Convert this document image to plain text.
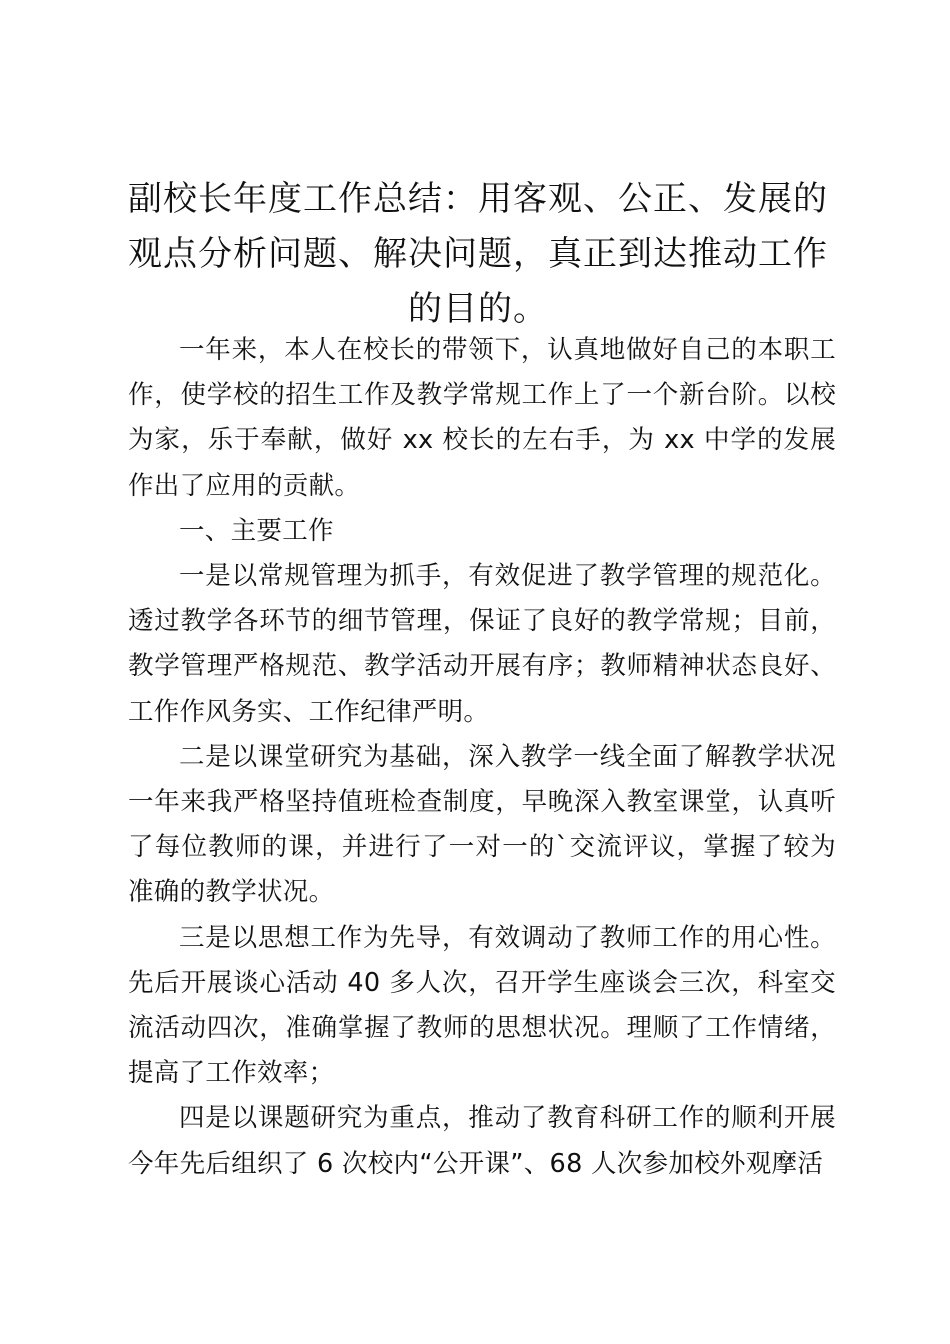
副校长年度工作总结：用客观、公正、发展的观点分析问题、解决问题，真正到达推动工作的目的。

一年来，本人在校长的带领下，认真地做好自己的本职工作，使学校的招生工作及教学常规工作上了一个新台阶。以校为家，乐于奉献，做好 xx 校长的左右手，为 xx 中学的发展作出了应用的贡献。

一、主要工作

一是以常规管理为抓手，有效促进了教学管理的规范化。透过教学各环节的细节管理，保证了良好的教学常规；目前，教学管理严格规范、教学活动开展有序；教师精神状态良好、工作作风务实、工作纪律严明。

二是以课堂研究为基础，深入教学一线全面了解教学状况一年来我严格坚持值班检查制度，早晚深入教室课堂，认真听了每位教师的课，并进行了一对一的`交流评议，掌握了较为准确的教学状况。

三是以思想工作为先导，有效调动了教师工作的用心性。先后开展谈心活动 40 多人次，召开学生座谈会三次，科室交流活动四次，准确掌握了教师的思想状况。理顺了工作情绪，提高了工作效率；

四是以课题研究为重点，推动了教育科研工作的顺利开展今年先后组织了 6 次校内“公开课”、68 人次参加校外观摩活
